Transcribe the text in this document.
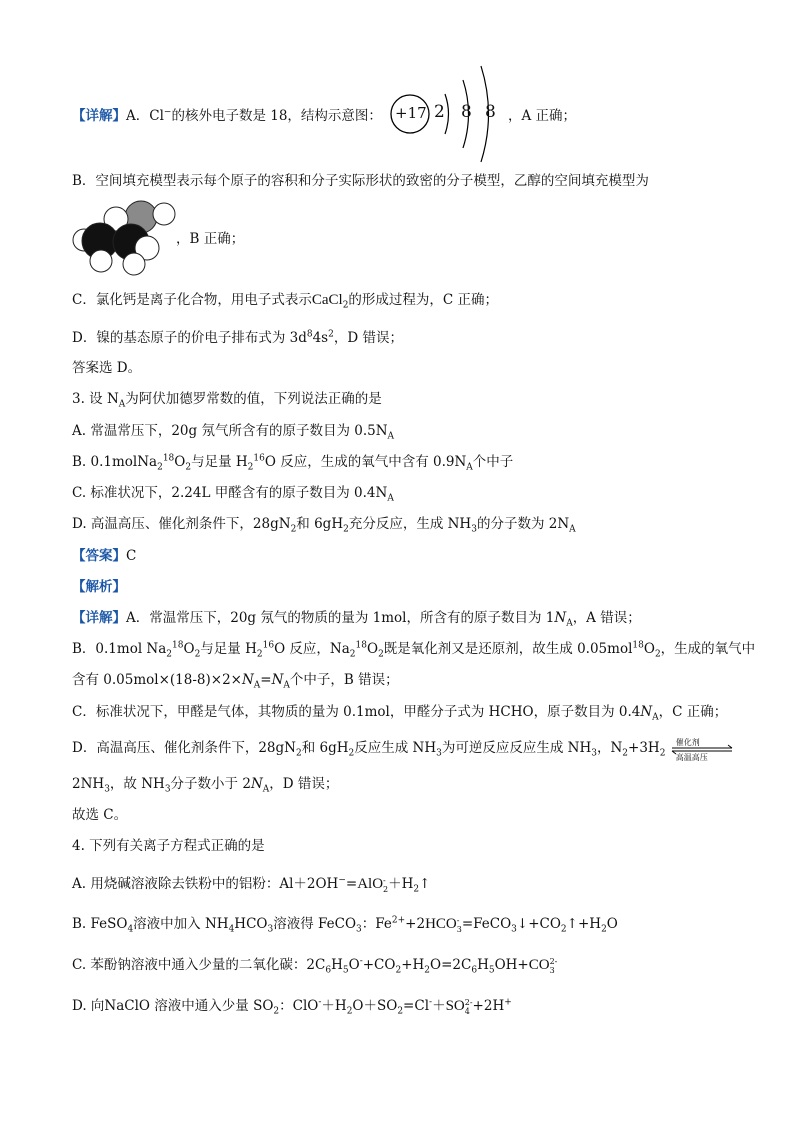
【详解】A．Cl−的核外电子数是 18，结构示意图： +17 2 8 8 ，A 正确；
B．空间填充模型表示每个原子的容积和分子实际形状的致密的分子模型，乙醇的空间填充模型为
，B 正确；
C．氯化钙是离子化合物，用电子式表示CaCl$_2$的形成过程为，C 正确；
D．镍的基态原子的价电子排布式为 $3d^84s^2$，D 错误；
答案选 D。
3. 设 $N_A$为阿伏加德罗常数的值，下列说法正确的是
A. 常温常压下，20g 氖气所含有的原子数目为 $0.5N_A$
B. $0.1molNa_2^{18}O_2$与足量 $H_2^{16}O$ 反应，生成的氧气中含有 $0.9N_A$个中子
C. 标准状况下，2.24L 甲醛含有的原子数目为 $0.4N_A$
D. 高温高压、催化剂条件下，$28gN_2$和 $6gH_2$充分反应，生成 $NH_3$的分子数为 $2N_A$
【答案】C
【解析】
【详解】A．常温常压下，20g 氖气的物质的量为 1mol，所含有的原子数目为 $1N_A$，A 错误；
B．0.1mol $Na_2^{18}O_2$与足量 $H_2^{16}O$ 反应，$Na_2^{18}O_2$既是氧化剂又是还原剂，故生成 $0.05mol^{18}O_2$，生成的氧气中
含有 $0.05mol\times(18-8)\times 2\times N_A=N_A$个中子，B 错误；
C．标准状况下，甲醛是气体，其物质的量为 0.1mol，甲醛分子式为 HCHO，原子数目为 $0.4N_A$，C 正确；
D．高温高压、催化剂条件下，$28gN_2$和 $6gH_2$反应生成 $NH_3$为可逆反应反应生成 $NH_3$，$N_2+3H_2$
催化剂
高温高压
$2NH_3$，故 $NH_3$分子数小于 $2N_A$，D 错误；
故选 C。
4. 下列有关离子方程式正确的是
A. 用烧碱溶液除去铁粉中的铝粉：Al＋2OH−=AlO-
$2+H_2↑$
B. FeSO$_4$溶液中加入 $NH_4HCO_3$溶液得 FeCO$_3$：$Fe^{2+}+2HCO-$
$3=FeCO_3↓+CO_2↑+H_2O$
C. 苯酚钠溶液中通入少量的二氧化碳：$2C_6H_5O^-+CO_2+H_2O=2C_6H_5OH+CO2-$
3
D. 向NaClO 溶液中通入少量 $SO_2$：$ClO^-+H_2O+SO_2=Cl^-+SO2-$
4 +2H+
